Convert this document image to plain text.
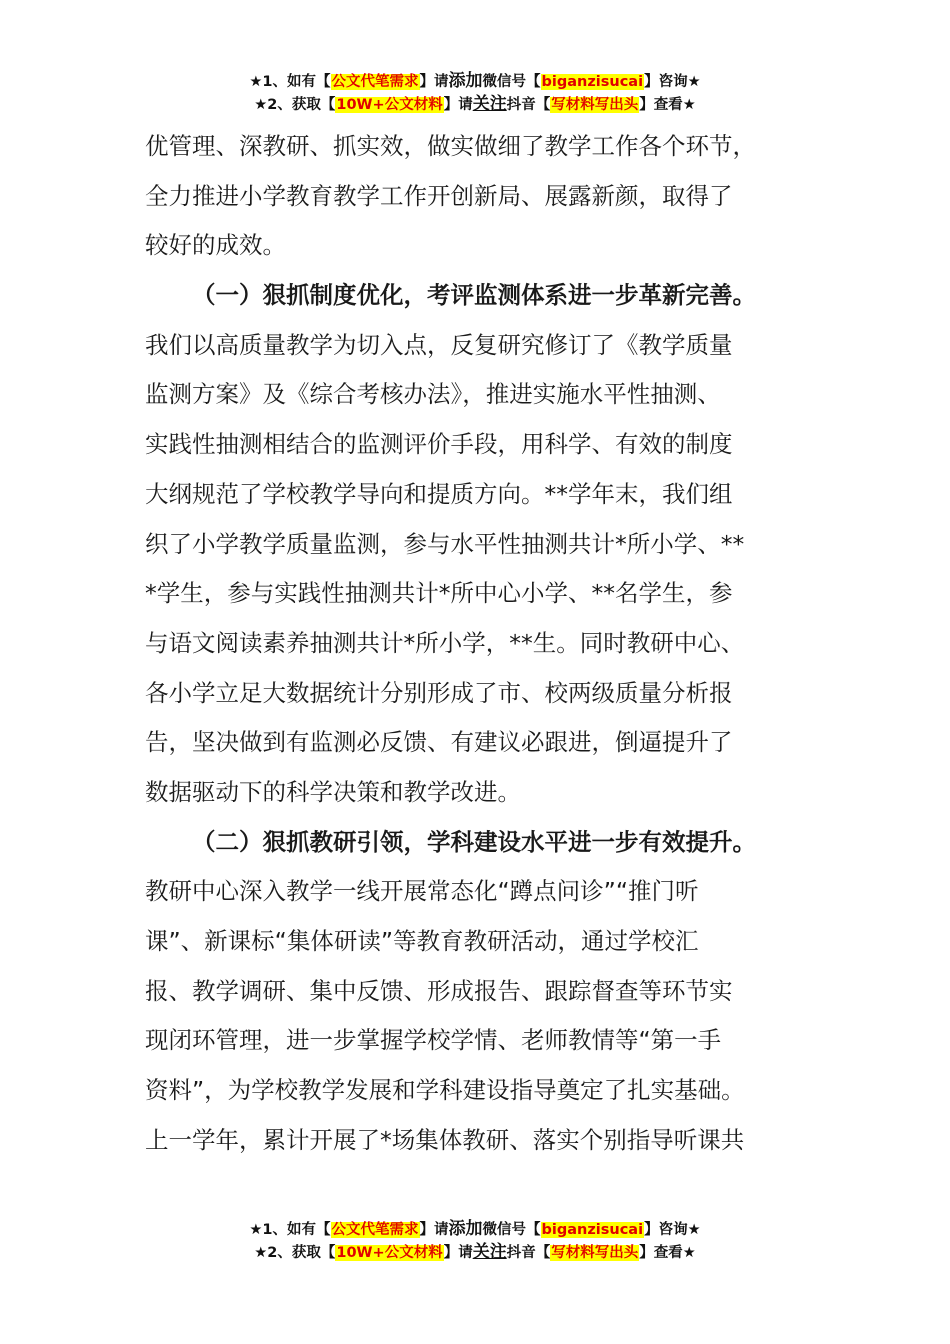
★1、如有【公文代笔需求】请添加微信号【biganzisucai】咨询★
★2、获取【10W+公文材料】请关注抖音【写材料写出头】查看★
优管理、深教研、抓实效，做实做细了教学工作各个环节，
全力推进小学教育教学工作开创新局、展露新颜，取得了
较好的成效。
（一）狠抓制度优化，考评监测体系进一步革新完善。
我们以高质量教学为切入点，反复研究修订了《教学质量
监测方案》及《综合考核办法》，推进实施水平性抽测、
实践性抽测相结合的监测评价手段，用科学、有效的制度
大纲规范了学校教学导向和提质方向。**学年末，我们组
织了小学教学质量监测，参与水平性抽测共计*所小学、**
*学生，参与实践性抽测共计*所中心小学、**名学生，参
与语文阅读素养抽测共计*所小学，**生。同时教研中心、
各小学立足大数据统计分别形成了市、校两级质量分析报
告，坚决做到有监测必反馈、有建议必跟进，倒逼提升了
数据驱动下的科学决策和教学改进。
（二）狠抓教研引领，学科建设水平进一步有效提升。
教研中心深入教学一线开展常态化“蹲点问诊”“推门听
课”、新课标“集体研读”等教育教研活动，通过学校汇
报、教学调研、集中反馈、形成报告、跟踪督查等环节实
现闭环管理，进一步掌握学校学情、老师教情等“第一手
资料”，为学校教学发展和学科建设指导奠定了扎实基础。
上一学年，累计开展了*场集体教研、落实个别指导听课共
★1、如有【公文代笔需求】请添加微信号【biganzisucai】咨询★
★2、获取【10W+公文材料】请关注抖音【写材料写出头】查看★
